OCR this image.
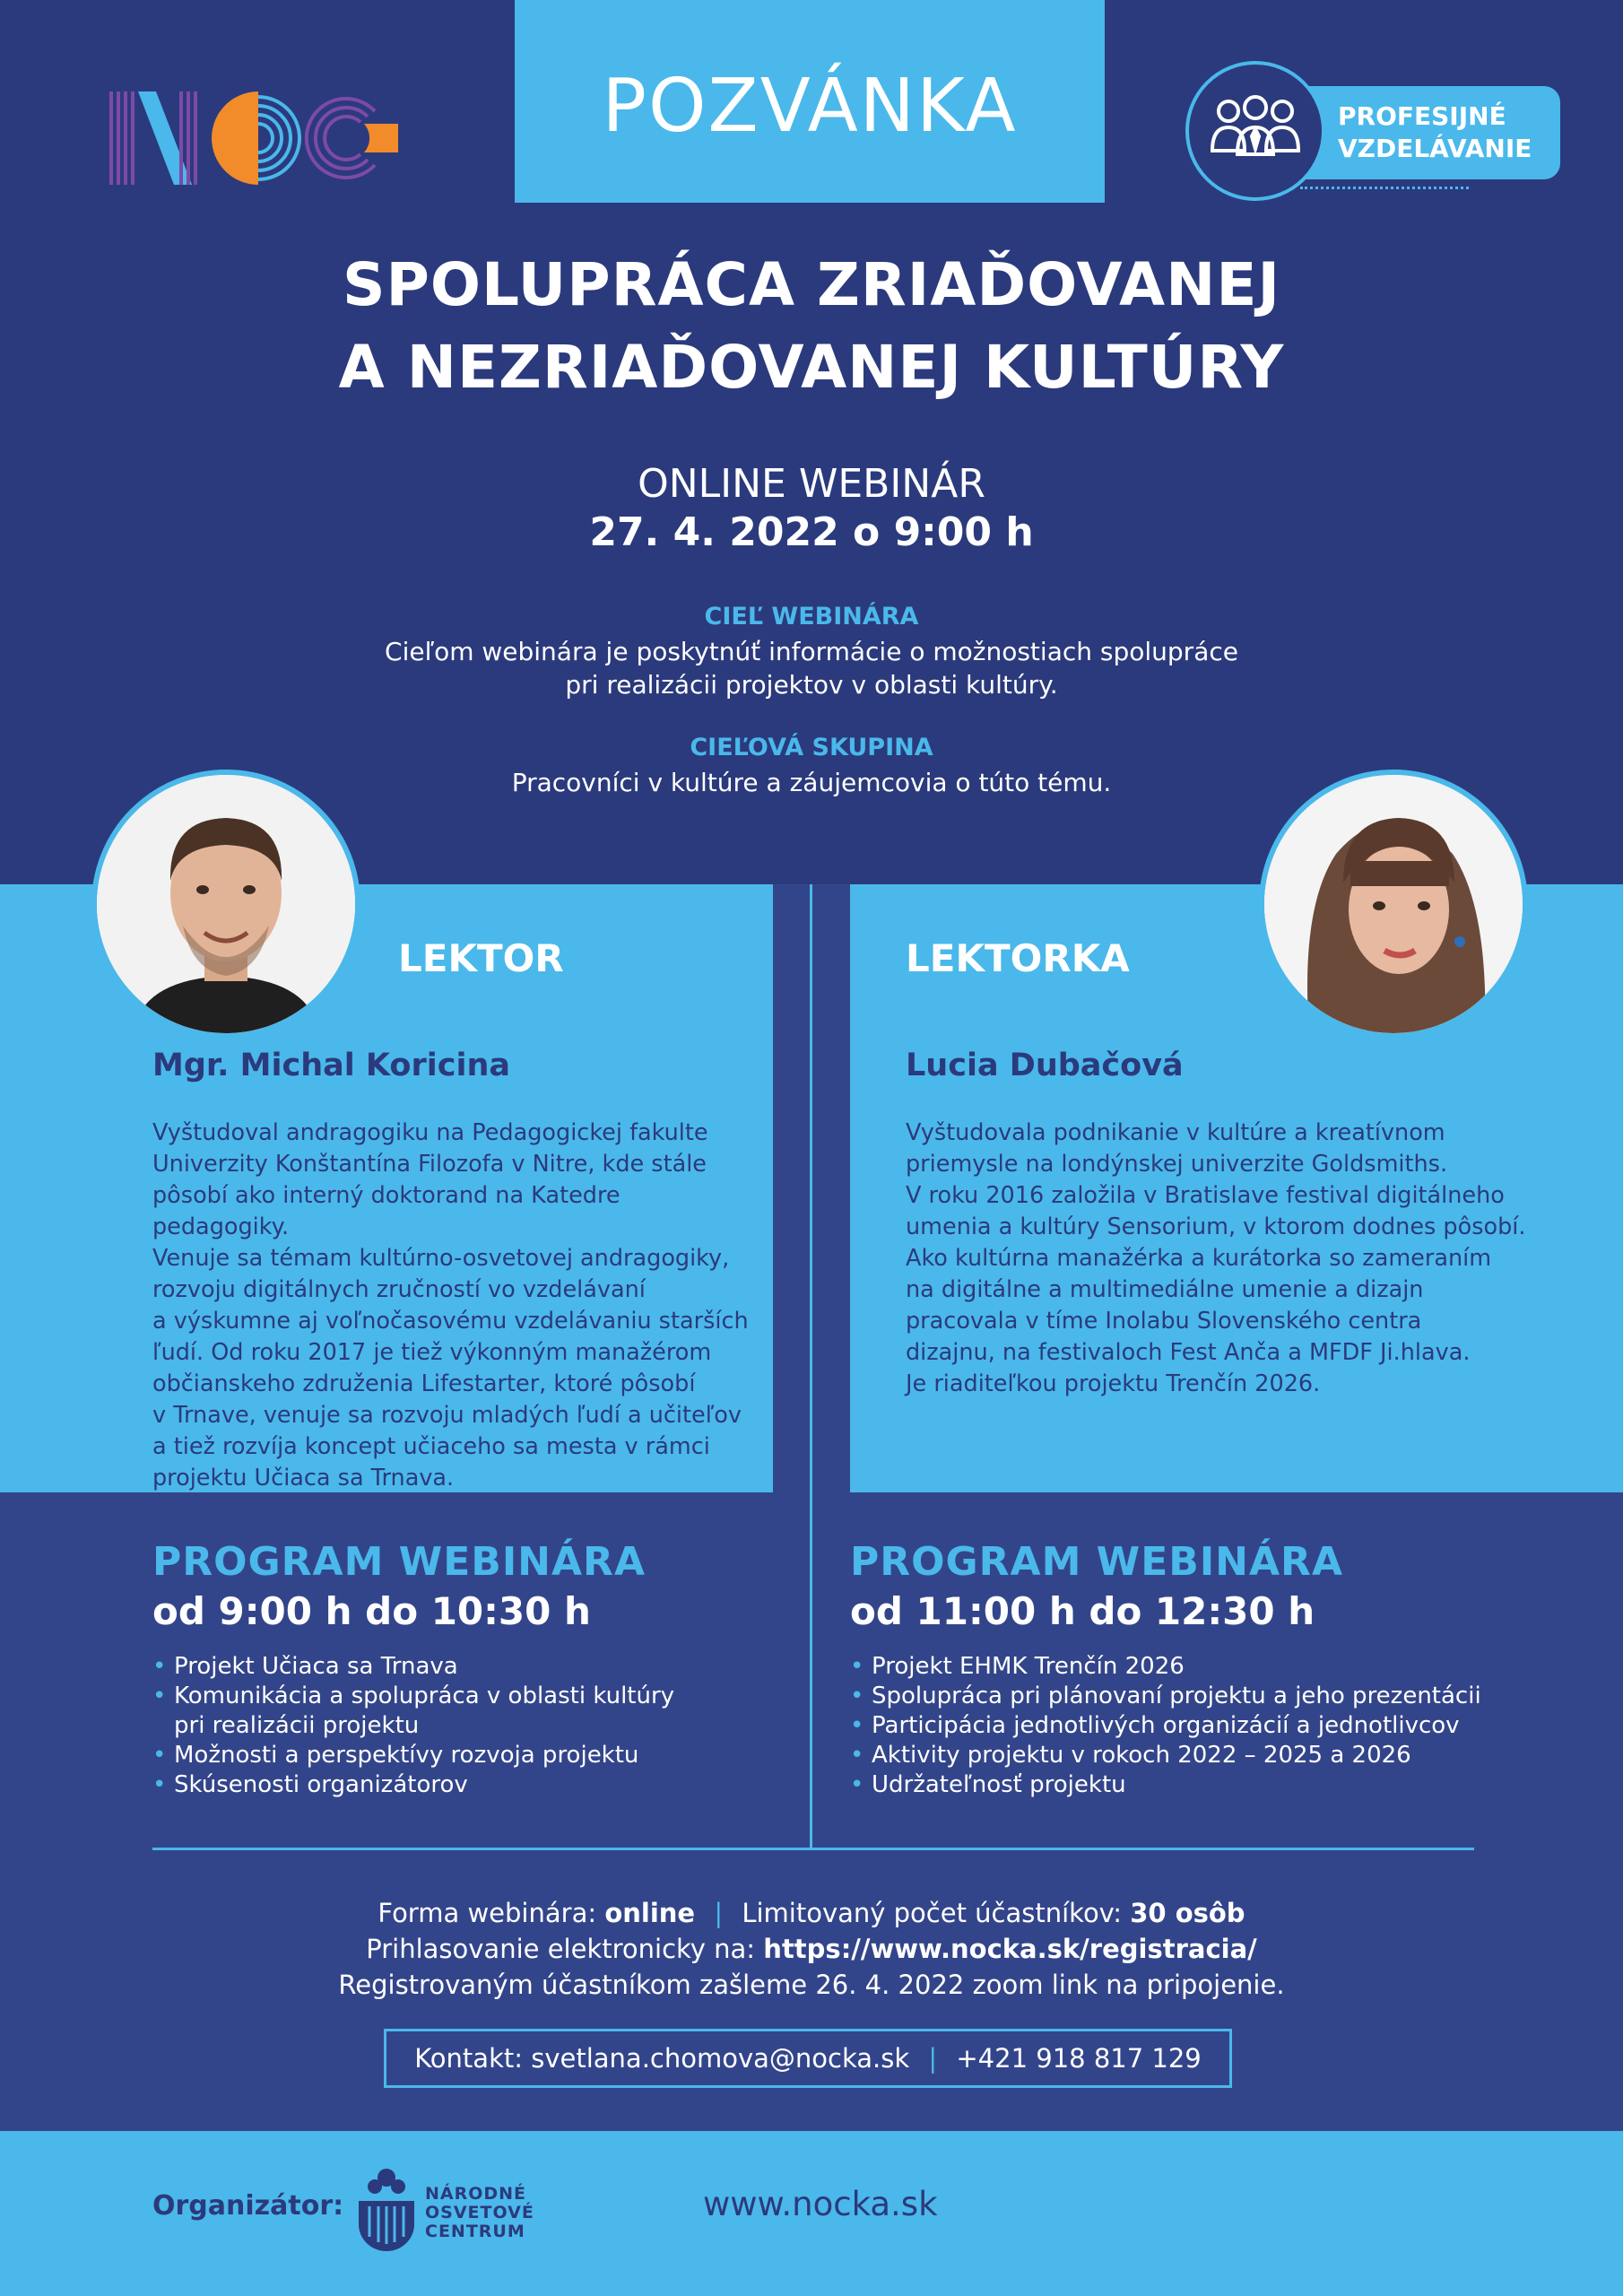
POZVÁNKA	PROFESIJNÉ
VZDELÁVANIE
SPOLUPRÁCA ZRIAĎOVANEJ
A NEZRIAĎOVANEJ KULTÚRY
ONLINE WEBINÁR
27. 4. 2022 o 9:00 h
CIEĽ WEBINÁRA
Cieľom webinára je poskytnúť informácie o možnostiach spolupráce
pri realizácii projektov v oblasti kultúry.
CIEĽOVÁ SKUPINA
Pracovníci v kultúre a záujemcovia o túto tému.
LEKTOR
Mgr. Michal Koricina
Vyštudoval andragogiku na Pedagogickej fakulte
Univerzity Konštantína Filozofa v Nitre, kde stále
pôsobí ako interný doktorand na Katedre pedagogiky.
Venuje sa témam kultúrno-osvetovej andragogiky,
rozvoju digitálnych zručností vo vzdelávaní
a výskumne aj voľnočasovému vzdelávaniu starších
ľudí. Od roku 2017 je tiež výkonným manažérom
občianskeho združenia Lifestarter, ktoré pôsobí
v Trnave, venuje sa rozvoju mladých ľudí a učiteľov
a tiež rozvíja koncept učiaceho sa mesta v rámci
projektu Učiaca sa Trnava.
LEKTORKA
Lucia Dubačová
Vyštudovala podnikanie v kultúre a kreatívnom
priemysle na londýnskej univerzite Goldsmiths.
V roku 2016 založila v Bratislave festival digitálneho
umenia a kultúry Sensorium, v ktorom dodnes pôsobí.
Ako kultúrna manažérka a kurátorka so zameraním
na digitálne a multimediálne umenie a dizajn
pracovala v tíme Inolabu Slovenského centra
dizajnu, na festivaloch Fest Anča a MFDF Ji.hlava.
Je riaditeľkou projektu Trenčín 2026.
PROGRAM WEBINÁRA
od 9:00 h do 10:30 h
• Projekt Učiaca sa Trnava
• Komunikácia a spolupráca v oblasti kultúry
pri realizácii projektu
• Možnosti a perspektívy rozvoja projektu
• Skúsenosti organizátorov
PROGRAM WEBINÁRA
od 11:00 h do 12:30 h
• Projekt EHMK Trenčín 2026
• Spolupráca pri plánovaní projektu a jeho prezentácii
• Participácia jednotlivých organizácií a jednotlivcov
• Aktivity projektu v rokoch 2022 – 2025 a 2026
• Udržateľnosť projektu
Forma webinára: online | Limitovaný počet účastníkov: 30 osôb
Prihlasovanie elektronicky na: https://www.nocka.sk/registracia/
Registrovaným účastníkom zašleme 26. 4. 2022 zoom link na pripojenie.
Kontakt: svetlana.chomova@nocka.sk | +421 918 817 129
Organizátor:	NÁRODNÉ
OSVETOVÉ
CENTRUM
www.nocka.sk
